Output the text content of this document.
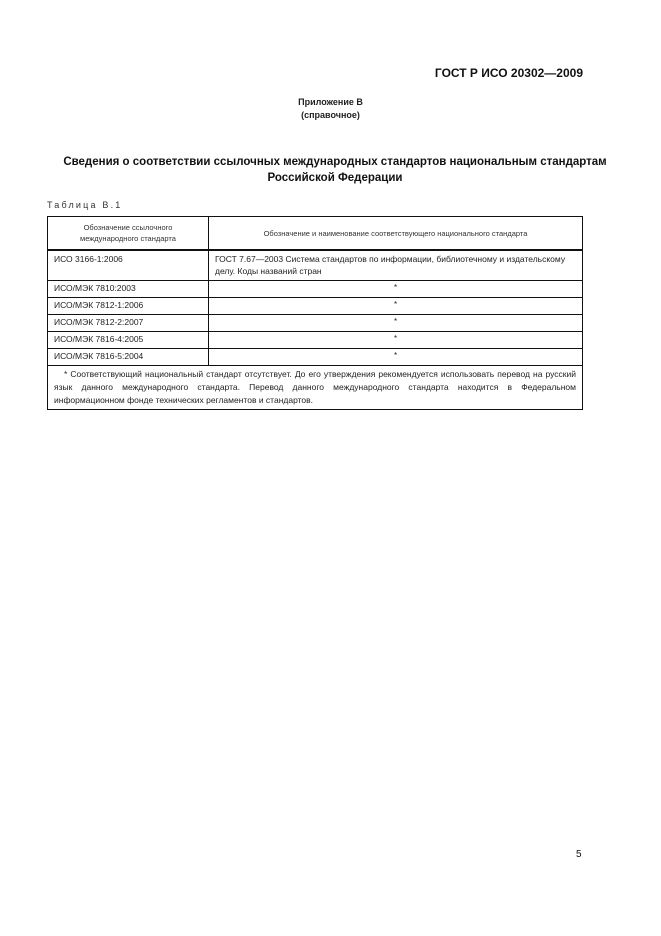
ГОСТ Р ИСО 20302—2009
Приложение В
(справочное)
Сведения о соответствии ссылочных международных стандартов национальным стандартам
Российской Федерации
Таблица В.1
Обозначение ссылочного международного стандарта	Обозначение и наименование соответствующего национального стандарта
ИСО 3166-1:2006	ГОСТ 7.67—2003 Система стандартов по информации, библиотечному и издательскому делу. Коды названий стран
ИСО/МЭК 7810:2003	*
ИСО/МЭК 7812-1:2006	*
ИСО/МЭК 7812-2:2007	*
ИСО/МЭК 7816-4:2005	*
ИСО/МЭК 7816-5:2004	*
* Соответствующий национальный стандарт отсутствует. До его утверждения рекомендуется использовать перевод на русский язык данного международного стандарта. Перевод данного международного стандарта находится в Федеральном информационном фонде технических регламентов и стандартов.	
5
